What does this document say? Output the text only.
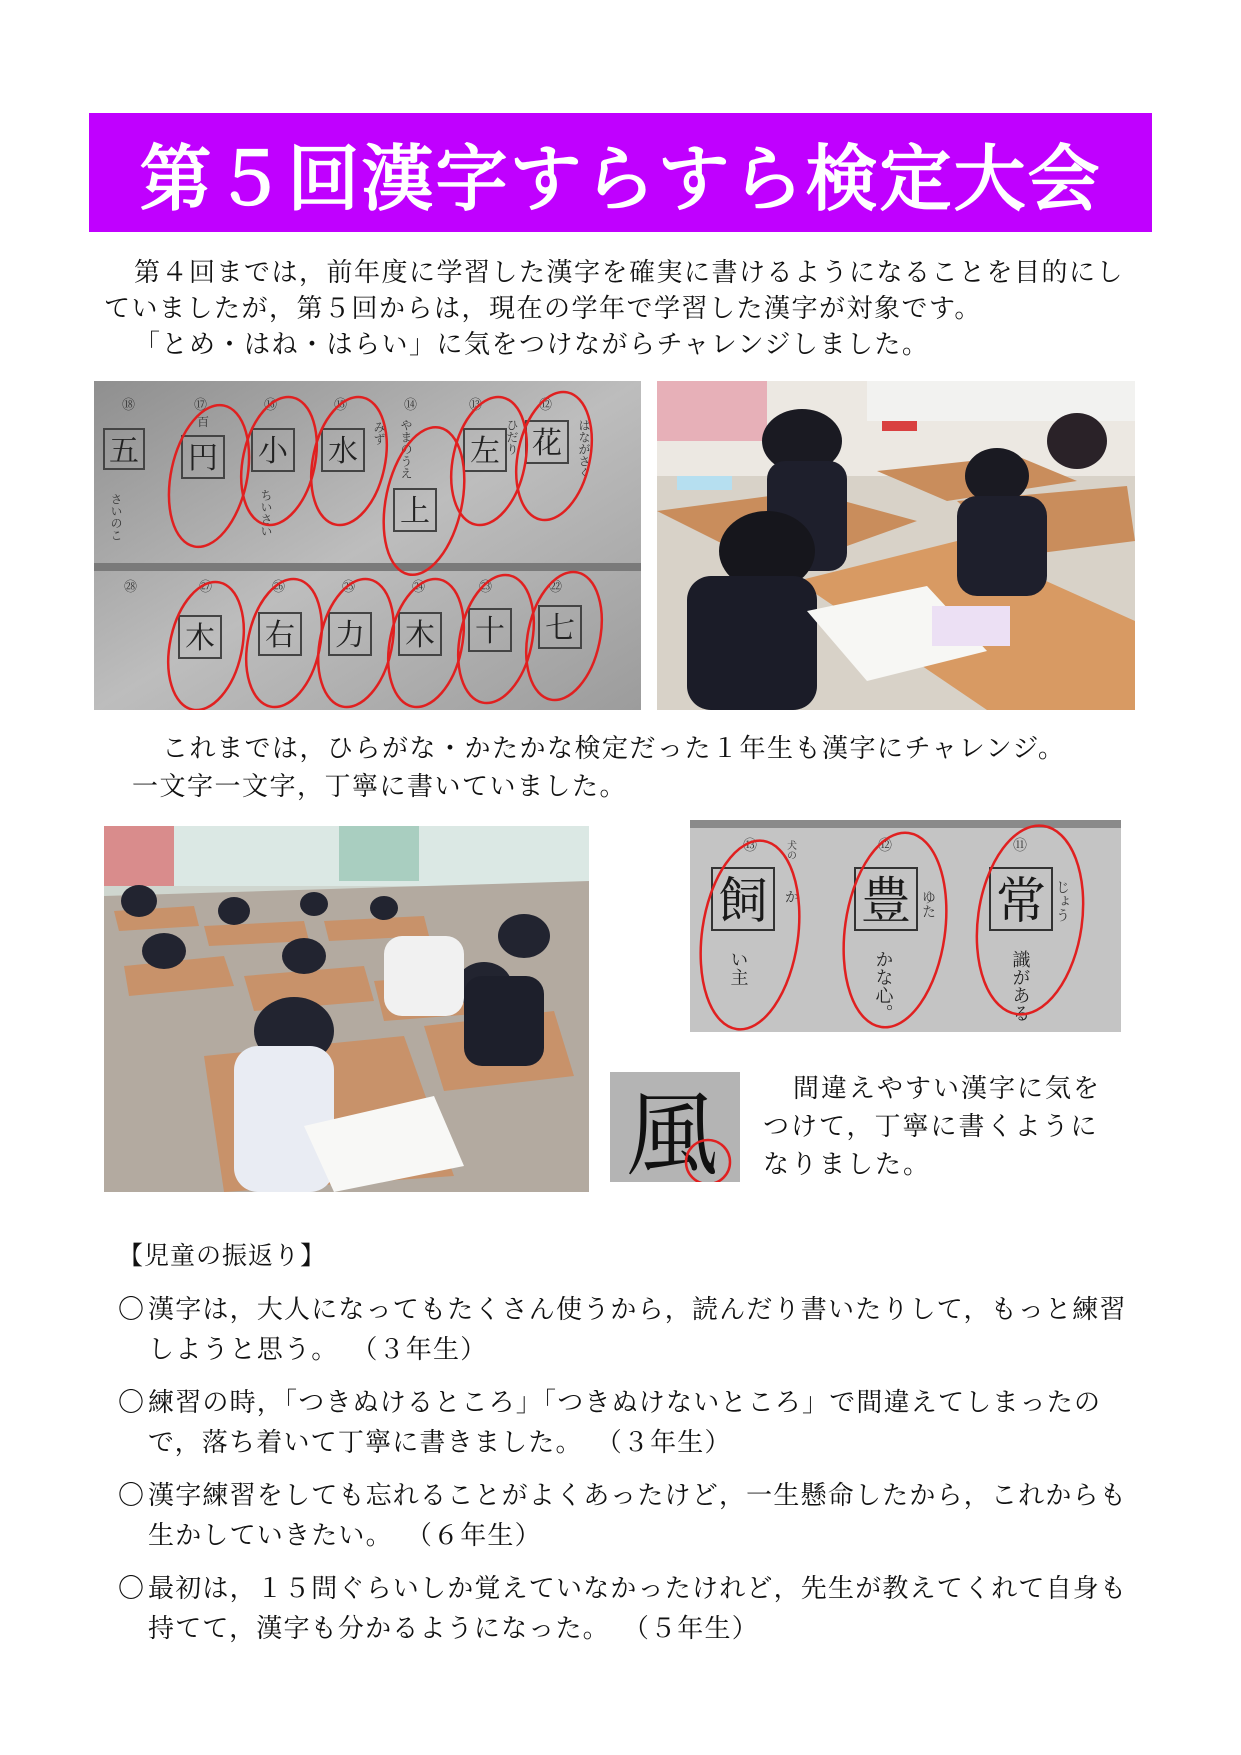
第５回漢字すらすら検定大会

第４回までは，前年度に学習した漢字を確実に書けるようになることを目的にしていましたが，第５回からは，現在の学年で学習した漢字が対象です。

「とめ・はね・はらい」に気をつけながらチャレンジしました。

⑱	⑰	⑯	⑮	⑭	⑬	⑫
㉘	㉗	㉖	㉕	㉔	㉓	㉒
五 円 小 水
上
左 花
木 右 力 木 十 七
さいのこ
百
ちいさい
みず やまのうえ	ひだり	はながさく

これまでは，ひらがな・かたかな検定だった１年生も漢字にチャレンジ。

一文字一文字，丁寧に書いていました。

⑬	⑫	⑪
飼 豊 常
か	ゆた	じょう
犬の
い主	かな心。	識がある
風	間違えやすい漢字に気を

つけて，丁寧に書くように

なりました。

【児童の振返り】
〇 漢字は，大人になってもたくさん使うから，読んだり書いたりして，もっと練習しようと思う。 （３年生）
〇 練習の時，「つきぬけるところ」「つきぬけないところ」で間違えてしまったので，落ち着いて丁寧に書きました。 （３年生）
〇 漢字練習をしても忘れることがよくあったけど，一生懸命したから，これからも生かしていきたい。 （６年生）
〇 最初は，１５問ぐらいしか覚えていなかったけれど，先生が教えてくれて自身も持てて，漢字も分かるようになった。 （５年生）
